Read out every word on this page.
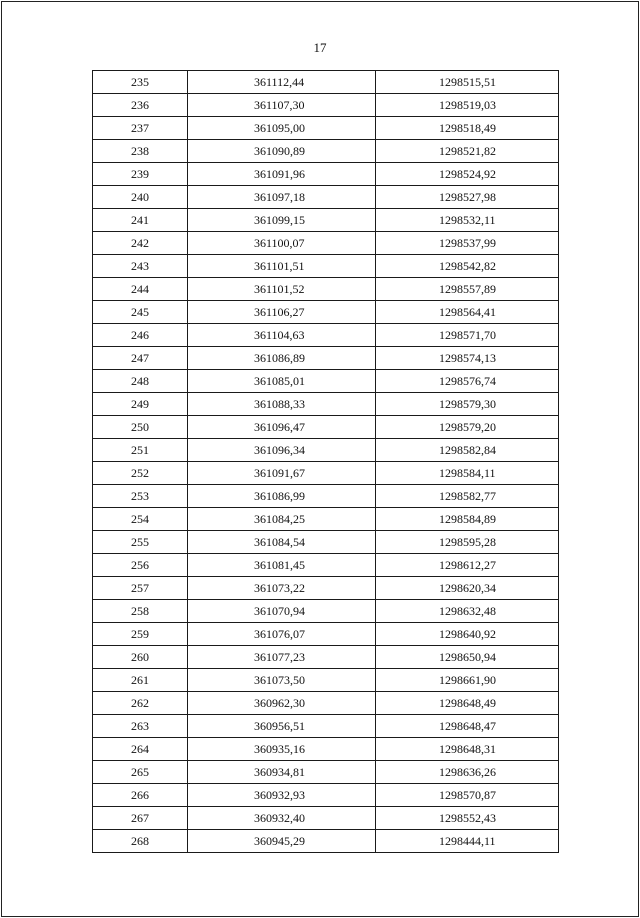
17
235	361112,44	1298515,51
236	361107,30	1298519,03
237	361095,00	1298518,49
238	361090,89	1298521,82
239	361091,96	1298524,92
240	361097,18	1298527,98
241	361099,15	1298532,11
242	361100,07	1298537,99
243	361101,51	1298542,82
244	361101,52	1298557,89
245	361106,27	1298564,41
246	361104,63	1298571,70
247	361086,89	1298574,13
248	361085,01	1298576,74
249	361088,33	1298579,30
250	361096,47	1298579,20
251	361096,34	1298582,84
252	361091,67	1298584,11
253	361086,99	1298582,77
254	361084,25	1298584,89
255	361084,54	1298595,28
256	361081,45	1298612,27
257	361073,22	1298620,34
258	361070,94	1298632,48
259	361076,07	1298640,92
260	361077,23	1298650,94
261	361073,50	1298661,90
262	360962,30	1298648,49
263	360956,51	1298648,47
264	360935,16	1298648,31
265	360934,81	1298636,26
266	360932,93	1298570,87
267	360932,40	1298552,43
268	360945,29	1298444,11
